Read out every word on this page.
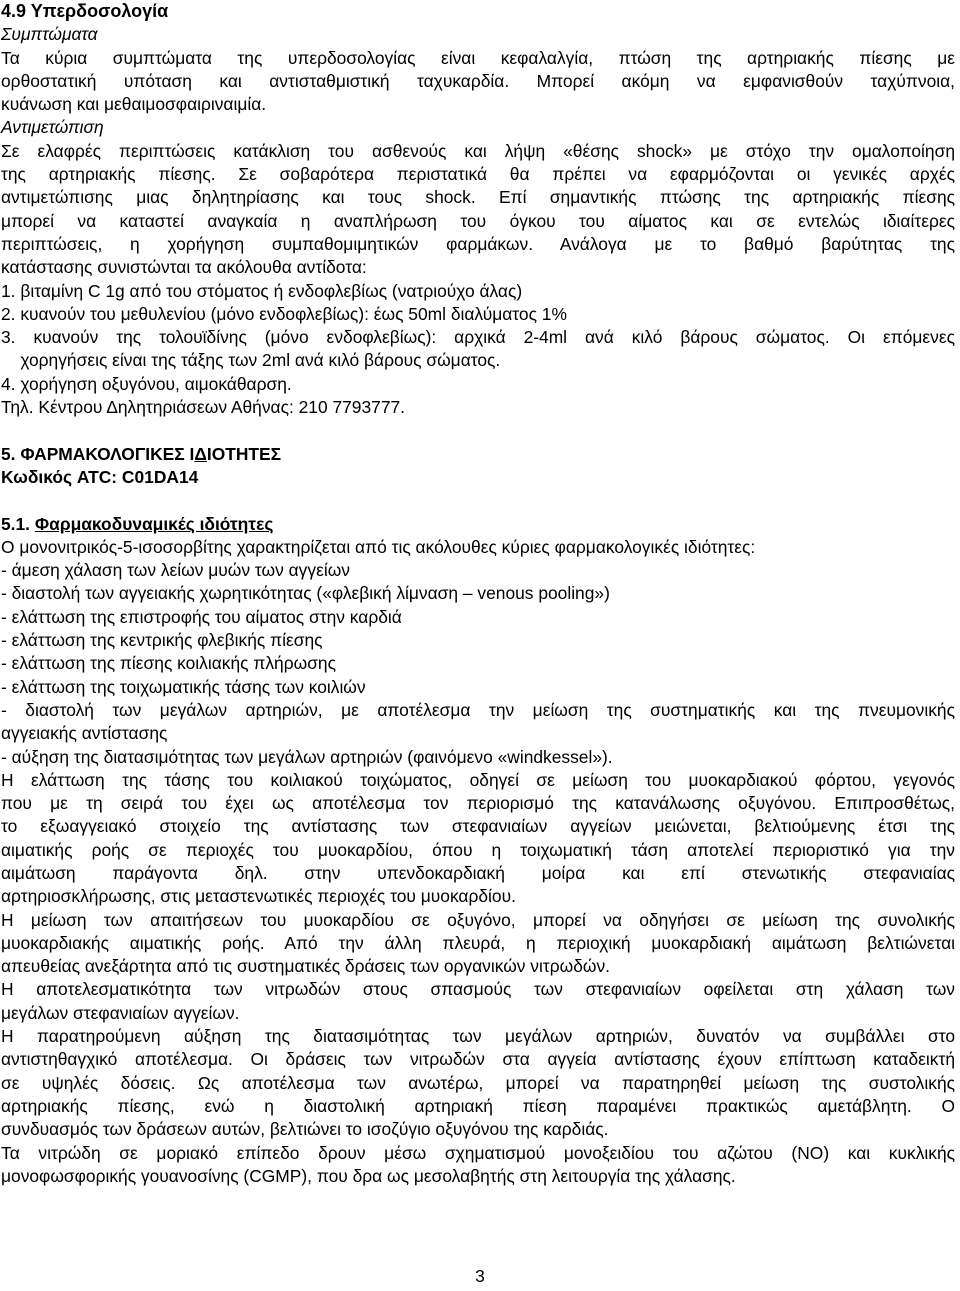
4.9 Υπερδοσολογία
Συμπτώματα
Τα κύρια συμπτώματα της υπερδοσολογίας είναι κεφαλαλγία, πτώση της αρτηριακής πίεσης με
ορθοστατική υπόταση και αντισταθμιστική ταχυκαρδία. Μπορεί ακόμη να εμφανισθούν ταχύπνοια,
κυάνωση και μεθαιμοσφαιριναιμία.
Αντιμετώπιση
Σε ελαφρές περιπτώσεις κατάκλιση του ασθενούς και λήψη «θέσης shock» με στόχο την ομαλοποίηση
της αρτηριακής πίεσης. Σε σοβαρότερα περιστατικά θα πρέπει να εφαρμόζονται οι γενικές αρχές
αντιμετώπισης μιας δηλητηρίασης και τους shock. Επί σημαντικής πτώσης της αρτηριακής πίεσης
μπορεί να καταστεί αναγκαία η αναπλήρωση του όγκου του αίματος και σε εντελώς ιδιαίτερες
περιπτώσεις, η χορήγηση συμπαθομιμητικών φαρμάκων. Ανάλογα με το βαθμό βαρύτητας της
κατάστασης συνιστώνται τα ακόλουθα αντίδοτα:
1. βιταμίνη C 1g από του στόματος ή ενδοφλεβίως (νατριούχο άλας)
2. κυανούν του μεθυλενίου (μόνο ενδοφλεβίως): έως 50ml διαλύματος 1%
3. κυανούν της τολουϊδίνης (μόνο ενδοφλεβίως): αρχικά 2-4ml ανά κιλό βάρους σώματος. Οι επόμενες
χορηγήσεις είναι της τάξης των 2ml ανά κιλό βάρους σώματος.
4. χορήγηση οξυγόνου, αιμοκάθαρση.
Τηλ. Κέντρου Δηλητηριάσεων Αθήνας: 210 7793777.
5. ΦΑΡΜΑΚΟΛΟΓΙΚΕΣ ΙΔΙΟΤΗΤΕΣ
Κωδικός ATC: C01DA14
5.1. Φαρμακοδυναμικές ιδιότητες
Ο μονονιτρικός-5-ισοσορβίτης χαρακτηρίζεται από τις ακόλουθες κύριες φαρμακολογικές ιδιότητες:
- άμεση χάλαση των λείων μυών των αγγείων
- διαστολή των αγγειακής χωρητικότητας («φλεβική λίμναση – venous pooling»)
- ελάττωση της επιστροφής του αίματος στην καρδιά
- ελάττωση της κεντρικής φλεβικής πίεσης
- ελάττωση της πίεσης κοιλιακής πλήρωσης
- ελάττωση της τοιχωματικής τάσης των κοιλιών
- διαστολή των μεγάλων αρτηριών, με αποτέλεσμα την μείωση της συστηματικής και της πνευμονικής
αγγειακής αντίστασης
- αύξηση της διατασιμότητας των μεγάλων αρτηριών (φαινόμενο «windkessel»).
Η ελάττωση της τάσης του κοιλιακού τοιχώματος, οδηγεί σε μείωση του μυοκαρδιακού φόρτου, γεγονός
που με τη σειρά του έχει ως αποτέλεσμα τον περιορισμό της κατανάλωσης οξυγόνου. Επιπροσθέτως,
το εξωαγγειακό στοιχείο της αντίστασης των στεφανιαίων αγγείων μειώνεται, βελτιούμενης έτσι της
αιματικής ροής σε περιοχές του μυοκαρδίου, όπου η τοιχωματική τάση αποτελεί περιοριστικό για την
αιμάτωση παράγοντα δηλ. στην υπενδοκαρδιακή μοίρα και επί στενωτικής στεφανιαίας
αρτηριοσκλήρωσης, στις μεταστενωτικές περιοχές του μυοκαρδίου.
Η μείωση των απαιτήσεων του μυοκαρδίου σε οξυγόνο, μπορεί να οδηγήσει σε μείωση της συνολικής
μυοκαρδιακής αιματικής ροής. Από την άλλη πλευρά, η περιοχική μυοκαρδιακή αιμάτωση βελτιώνεται
απευθείας ανεξάρτητα από τις συστηματικές δράσεις των οργανικών νιτρωδών.
Η αποτελεσματικότητα των νιτρωδών στους σπασμούς των στεφανιαίων οφείλεται στη χάλαση των
μεγάλων στεφανιαίων αγγείων.
Η παρατηρούμενη αύξηση της διατασιμότητας των μεγάλων αρτηριών, δυνατόν να συμβάλλει στο
αντιστηθαγχικό αποτέλεσμα. Οι δράσεις των νιτρωδών στα αγγεία αντίστασης έχουν επίπτωση καταδεικτή
σε υψηλές δόσεις. Ως αποτέλεσμα των ανωτέρω, μπορεί να παρατηρηθεί μείωση της συστολικής
αρτηριακής πίεσης, ενώ η διαστολική αρτηριακή πίεση παραμένει πρακτικώς αμετάβλητη. Ο
συνδυασμός των δράσεων αυτών, βελτιώνει το ισοζύγιο οξυγόνου της καρδιάς.
Τα νιτρώδη σε μοριακό επίπεδο δρουν μέσω σχηματισμού μονοξειδίου του αζώτου (NO) και κυκλικής
μονοφωσφορικής γουανοσίνης (CGMP), που δρα ως μεσολαβητής στη λειτουργία της χάλασης.
3
